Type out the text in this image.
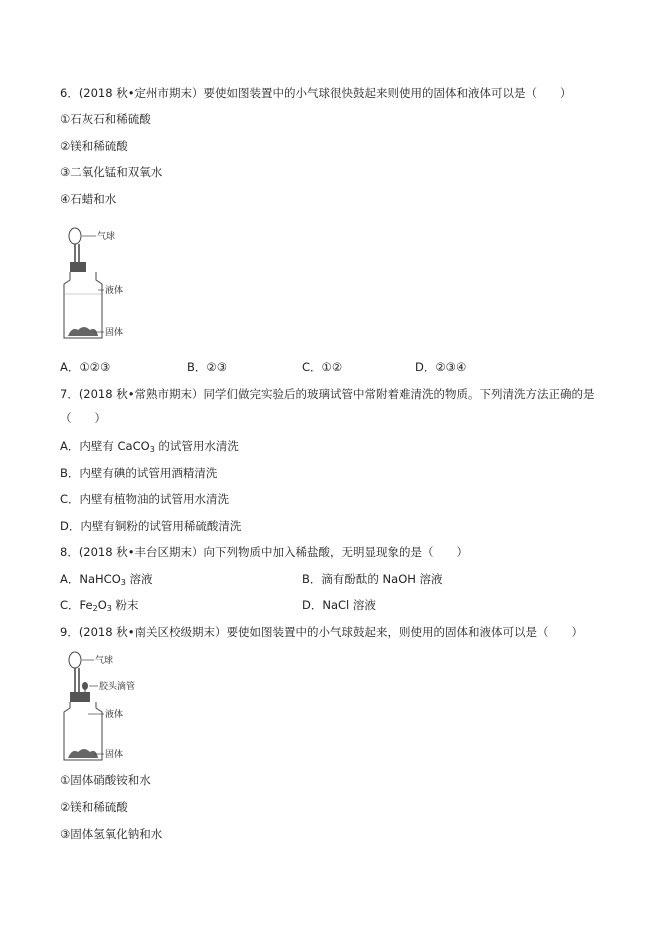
6．(2018 秋•定州市期末）要使如图装置中的小气球很快鼓起来则使用的固体和液体可以是（　　）
①石灰石和稀硫酸
②镁和稀硫酸
③二氧化锰和双氧水
④石蜡和水
气球
液体
固体
A．①②③	B．②③	C．①②	D．②③④
7．(2018 秋•常熟市期末）同学们做完实验后的玻璃试管中常附着难清洗的物质。下列清洗方法正确的是
（　　）
A．内壁有 CaCO$_3$ 的试管用水清洗
B．内壁有碘的试管用酒精清洗
C．内壁有植物油的试管用水清洗
D．内壁有铜粉的试管用稀硫酸清洗
8．(2018 秋•丰台区期末）向下列物质中加入稀盐酸，无明显现象的是（　　）
A．NaHCO$_3$ 溶液	B．滴有酚酞的 NaOH 溶液
C．$Fe_2O_3$ 粉末	D．NaCl 溶液
9．(2018 秋•南关区校级期末）要使如图装置中的小气球鼓起来，则使用的固体和液体可以是（　　）
气球
胶头滴管
液体
固体
①固体硝酸铵和水
②镁和稀硫酸
③固体氢氧化钠和水
